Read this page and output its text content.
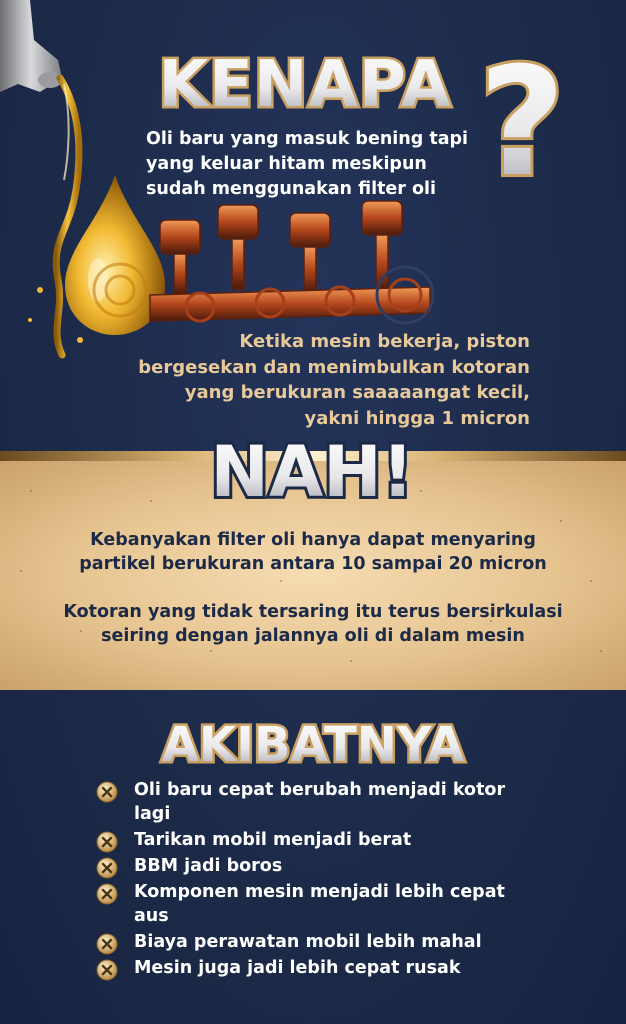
KENAPA ?
Oli baru yang masuk bening tapi yang keluar hitam meskipun sudah menggunakan filter oli
Ketika mesin bekerja, piston bergesekan dan menimbulkan kotoran yang berukuran saaaaangat kecil, yakni hingga 1 micron
NAH!
Kebanyakan filter oli hanya dapat menyaring partikel berukuran antara 10 sampai 20 micron
Kotoran yang tidak tersaring itu terus bersirkulasi seiring dengan jalannya oli di dalam mesin
AKIBATNYA
Oli baru cepat berubah menjadi kotor lagi
Tarikan mobil menjadi berat
BBM jadi boros
Komponen mesin menjadi lebih cepat aus
Biaya perawatan mobil lebih mahal
Mesin juga jadi lebih cepat rusak
